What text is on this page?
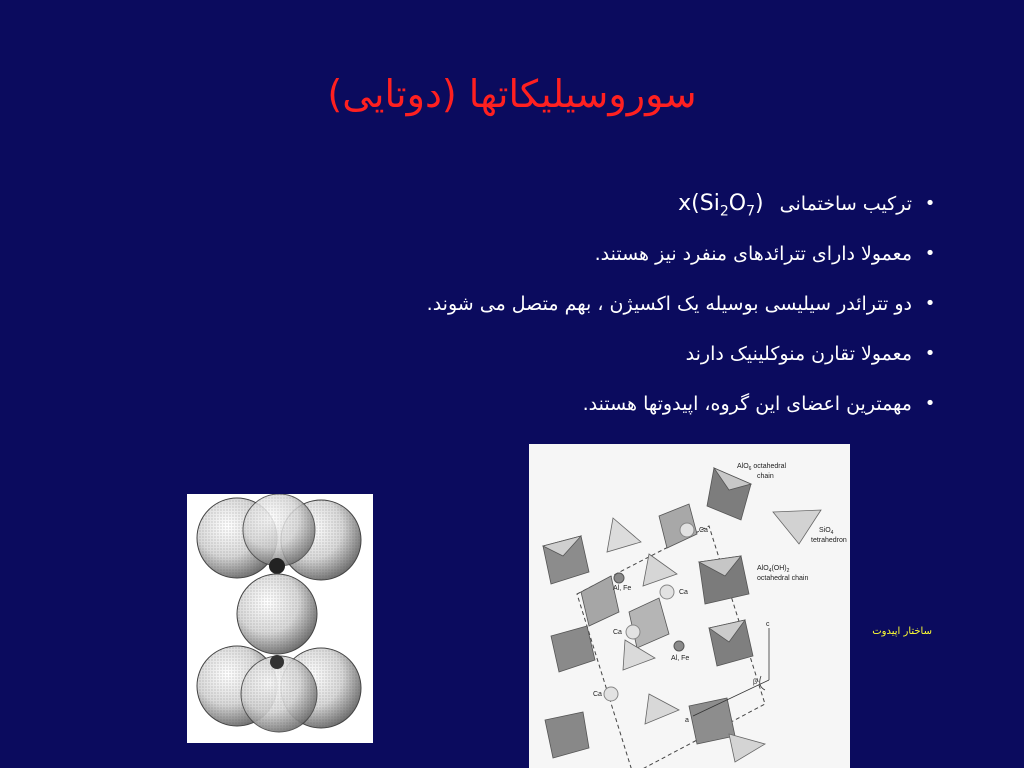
سوروسیلیکاتها (دوتایی)
•
ترکیب ساختمانی $x(Si_2O_7)$
•
معمولا دارای تترائدهای منفرد نیز هستند.
•
دو تترائدر سیلیسی بوسیله یک اکسیژن ، بهم متصل می شوند.
•
معمولا تقارن منوکلینیک دارند
•
مهمترین اعضای این گروه، اپیدوتها هستند.
AlO$_6$ octahedral
chain
SiO$_4$
tetrahedron
$AlO_4(OH)_2$
octahedral chain
Ca
Al, Fe
Ca
Ca
Al, Fe
Ca
c
β
a
ساختار اپیدوت
